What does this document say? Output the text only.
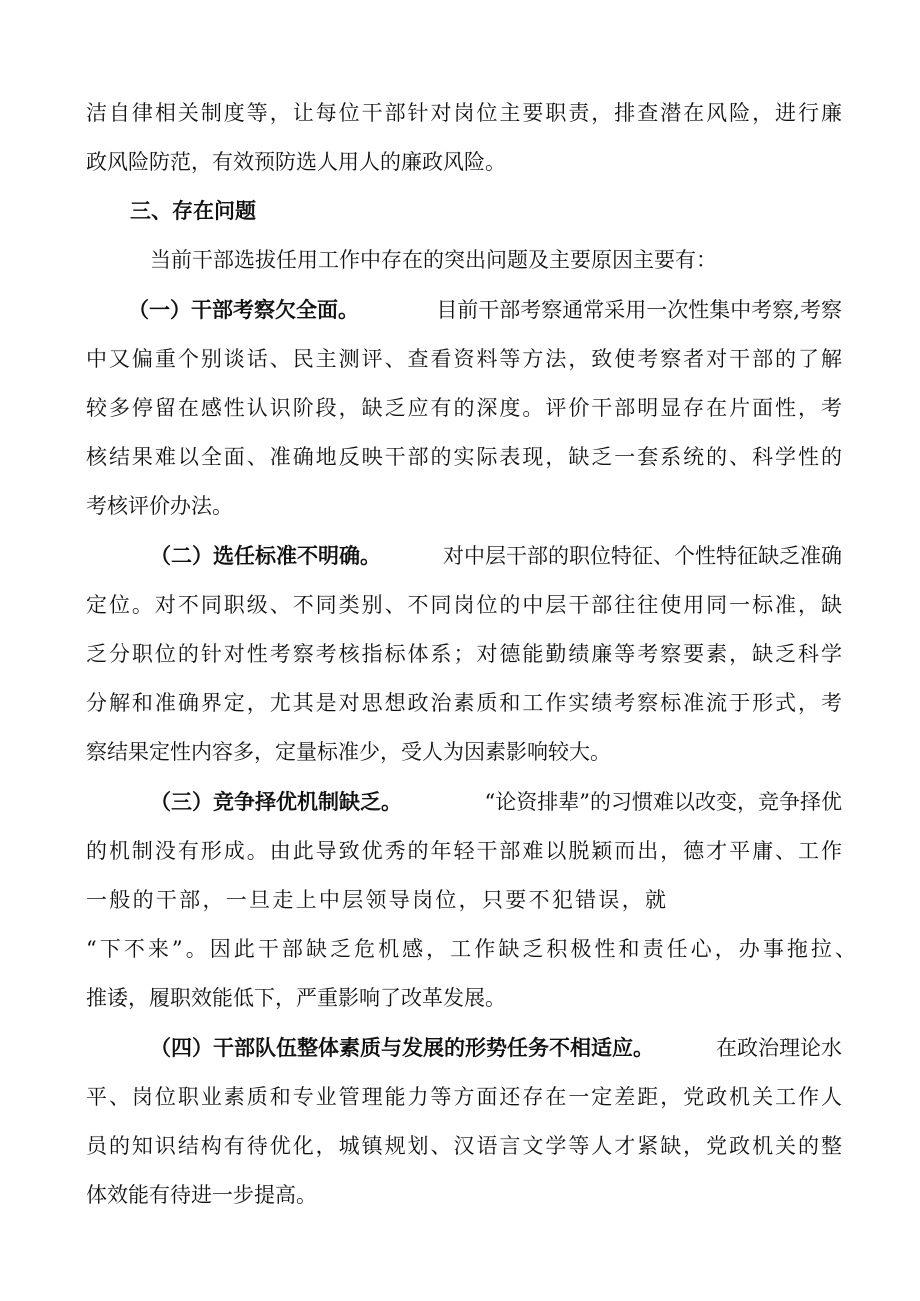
洁自律相关制度等，让每位干部针对岗位主要职责，排查潜在风险，进行廉
政风险防范，有效预防选人用人的廉政风险。
三、存在问题
当前干部选拔任用工作中存在的突出问题及主要原因主要有：
（一）干部考察欠全面。	目前干部考察通常采用一次性集中考察,考察
中又偏重个别谈话、民主测评、查看资料等方法，致使考察者对干部的了解
较多停留在感性认识阶段，缺乏应有的深度。评价干部明显存在片面性，考
核结果难以全面、准确地反映干部的实际表现，缺乏一套系统的、科学性的
考核评价办法。
（二）选任标准不明确。	对中层干部的职位特征、个性特征缺乏准确
定位。对不同职级、不同类别、不同岗位的中层干部往往使用同一标准，缺
乏分职位的针对性考察考核指标体系；对德能勤绩廉等考察要素，缺乏科学
分解和准确界定，尤其是对思想政治素质和工作实绩考察标准流于形式，考
察结果定性内容多，定量标准少，受人为因素影响较大。
（三）竞争择优机制缺乏。	“论资排辈”的习惯难以改变，竞争择优
的机制没有形成。由此导致优秀的年轻干部难以脱颖而出，德才平庸、工作
一般的干部，一旦走上中层领导岗位，只要不犯错误，就
“下不来”。因此干部缺乏危机感，工作缺乏积极性和责任心，办事拖拉、
推诿，履职效能低下，严重影响了改革发展。
（四）干部队伍整体素质与发展的形势任务不相适应。	在政治理论水
平、岗位职业素质和专业管理能力等方面还存在一定差距，党政机关工作人
员的知识结构有待优化，城镇规划、汉语言文学等人才紧缺，党政机关的整
体效能有待进一步提高。
